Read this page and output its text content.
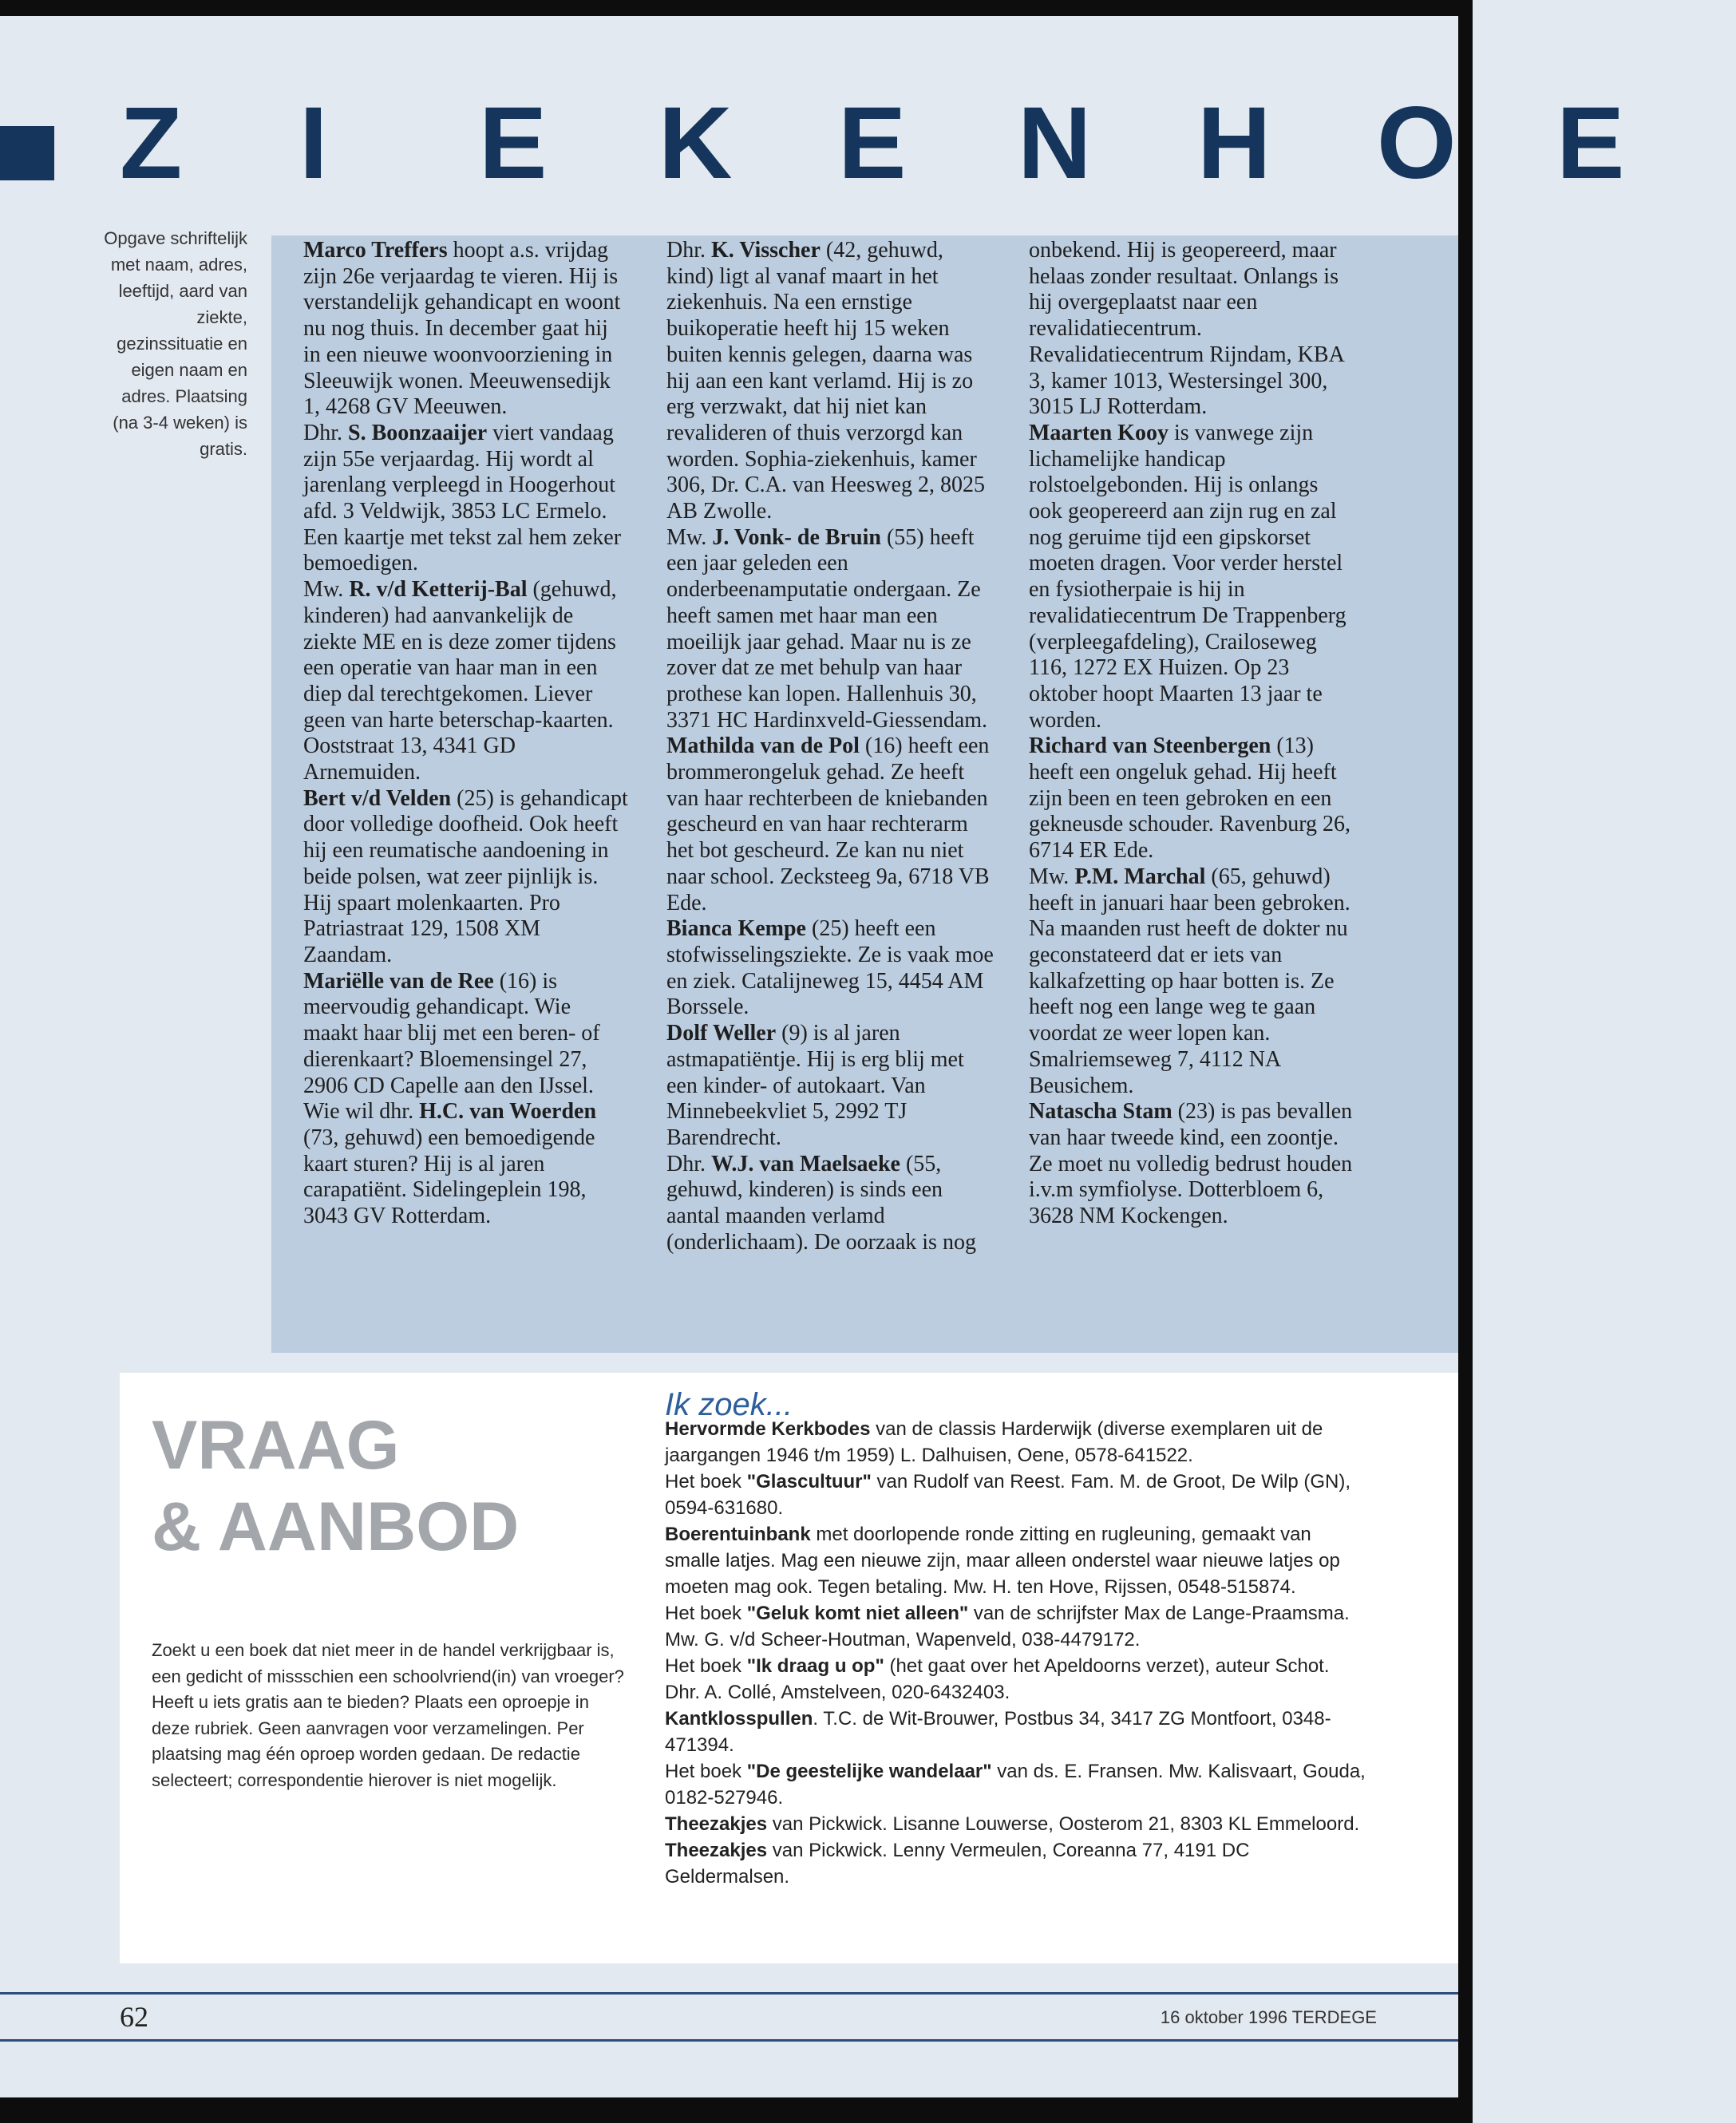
Z	I	E	K	E	N	H	O E
Opgave schriftelijk met naam, adres, leeftijd, aard van ziekte, gezinssituatie en eigen naam en adres. Plaatsing (na 3-4 weken) is gratis.

Marco Treffers hoopt a.s. vrijdag zijn 26e verjaardag te vieren. Hij is verstandelijk gehandicapt en woont nu nog thuis. In december gaat hij in een nieuwe woonvoorziening in Sleeuwijk wonen. Meeuwensedijk 1, 4268 GV Meeuwen.

Dhr. S. Boonzaaijer viert vandaag zijn 55e verjaardag. Hij wordt al jarenlang verpleegd in Hoogerhout afd. 3 Veldwijk, 3853 LC Ermelo. Een kaartje met tekst zal hem zeker bemoedigen.

Mw. R. v/d Ketterij-Bal (gehuwd, kinderen) had aanvankelijk de ziekte ME en is deze zomer tijdens een operatie van haar man in een diep dal terechtgekomen. Liever geen van harte beterschap-kaarten. Ooststraat 13, 4341 GD Arnemuiden.

Bert v/d Velden (25) is gehandicapt door volledige doofheid. Ook heeft hij een reumatische aandoening in beide polsen, wat zeer pijnlijk is. Hij spaart molenkaarten. Pro Patriastraat 129, 1508 XM Zaandam.

Mariëlle van de Ree (16) is meervoudig gehandicapt. Wie maakt haar blij met een beren- of dierenkaart? Bloemensingel 27, 2906 CD Capelle aan den IJssel.

Wie wil dhr. H.C. van Woerden (73, gehuwd) een bemoedigende kaart sturen? Hij is al jaren carapatiënt. Sidelingeplein 198, 3043 GV Rotterdam.

Dhr. K. Visscher (42, gehuwd, kind) ligt al vanaf maart in het ziekenhuis. Na een ernstige buikoperatie heeft hij 15 weken buiten kennis gelegen, daarna was hij aan een kant verlamd. Hij is zo erg verzwakt, dat hij niet kan revalideren of thuis verzorgd kan worden. Sophia-ziekenhuis, kamer 306, Dr. C.A. van Heesweg 2, 8025 AB Zwolle.

Mw. J. Vonk- de Bruin (55) heeft een jaar geleden een onderbeenamputatie ondergaan. Ze heeft samen met haar man een moeilijk jaar gehad. Maar nu is ze zover dat ze met behulp van haar prothese kan lopen. Hallenhuis 30, 3371 HC Hardinxveld-Giessendam.

Mathilda van de Pol (16) heeft een brommerongeluk gehad. Ze heeft van haar rechterbeen de kniebanden gescheurd en van haar rechterarm het bot gescheurd. Ze kan nu niet naar school. Zecksteeg 9a, 6718 VB Ede.

Bianca Kempe (25) heeft een stofwisselingsziekte. Ze is vaak moe en ziek. Catalijneweg 15, 4454 AM Borssele.

Dolf Weller (9) is al jaren astmapatiëntje. Hij is erg blij met een kinder- of autokaart. Van Minnebeekvliet 5, 2992 TJ Barendrecht.

Dhr. W.J. van Maelsaeke (55, gehuwd, kinderen) is sinds een aantal maanden verlamd (onderlichaam). De oorzaak is nog

onbekend. Hij is geopereerd, maar helaas zonder resultaat. Onlangs is hij overgeplaatst naar een revalidatiecentrum. Revalidatiecentrum Rijndam, KBA 3, kamer 1013, Westersingel 300, 3015 LJ Rotterdam.

Maarten Kooy is vanwege zijn lichamelijke handicap rolstoelgebonden. Hij is onlangs ook geopereerd aan zijn rug en zal nog geruime tijd een gipskorset moeten dragen. Voor verder herstel en fysiotherpaie is hij in revalidatiecentrum De Trappenberg (verpleegafdeling), Crailoseweg 116, 1272 EX Huizen. Op 23 oktober hoopt Maarten 13 jaar te worden.

Richard van Steenbergen (13) heeft een ongeluk gehad. Hij heeft zijn been en teen gebroken en een gekneusde schouder. Ravenburg 26, 6714 ER Ede.

Mw. P.M. Marchal (65, gehuwd) heeft in januari haar been gebroken. Na maanden rust heeft de dokter nu geconstateerd dat er iets van kalkafzetting op haar botten is. Ze heeft nog een lange weg te gaan voordat ze weer lopen kan. Smalriemseweg 7, 4112 NA Beusichem.

Natascha Stam (23) is pas bevallen van haar tweede kind, een zoontje. Ze moet nu volledig bedrust houden i.v.m symfiolyse. Dotterbloem 6, 3628 NM Kockengen.

VRAAG
& AANBOD
Zoekt u een boek dat niet meer in de handel verkrijgbaar is, een gedicht of missschien een schoolvriend(in) van vroeger? Heeft u iets gratis aan te bieden? Plaats een oproepje in deze rubriek. Geen aanvragen voor verzamelingen. Per plaatsing mag één oproep worden gedaan. De redactie selecteert; correspondentie hierover is niet mogelijk.
Ik zoek...

Hervormde Kerkbodes van de classis Harderwijk (diverse exemplaren uit de jaargangen 1946 t/m 1959) L. Dalhuisen, Oene, 0578-641522.

Het boek "Glascultuur" van Rudolf van Reest. Fam. M. de Groot, De Wilp (GN), 0594-631680.

Boerentuinbank met doorlopende ronde zitting en rugleuning, gemaakt van smalle latjes. Mag een nieuwe zijn, maar alleen onderstel waar nieuwe latjes op moeten mag ook. Tegen betaling. Mw. H. ten Hove, Rijssen, 0548-515874.

Het boek "Geluk komt niet alleen" van de schrijfster Max de Lange-Praamsma. Mw. G. v/d Scheer-Houtman, Wapenveld, 038-4479172.

Het boek "Ik draag u op" (het gaat over het Apeldoorns verzet), auteur Schot. Dhr. A. Collé, Amstelveen, 020-6432403.

Kantklosspullen. T.C. de Wit-Brouwer, Postbus 34, 3417 ZG Montfoort, 0348-471394.

Het boek "De geestelijke wandelaar" van ds. E. Fransen. Mw. Kalisvaart, Gouda, 0182-527946.

Theezakjes van Pickwick. Lisanne Louwerse, Oosterom 21, 8303 KL Emmeloord.

Theezakjes van Pickwick. Lenny Vermeulen, Coreanna 77, 4191 DC Geldermalsen.

62	16 oktober 1996 TERDEGE
